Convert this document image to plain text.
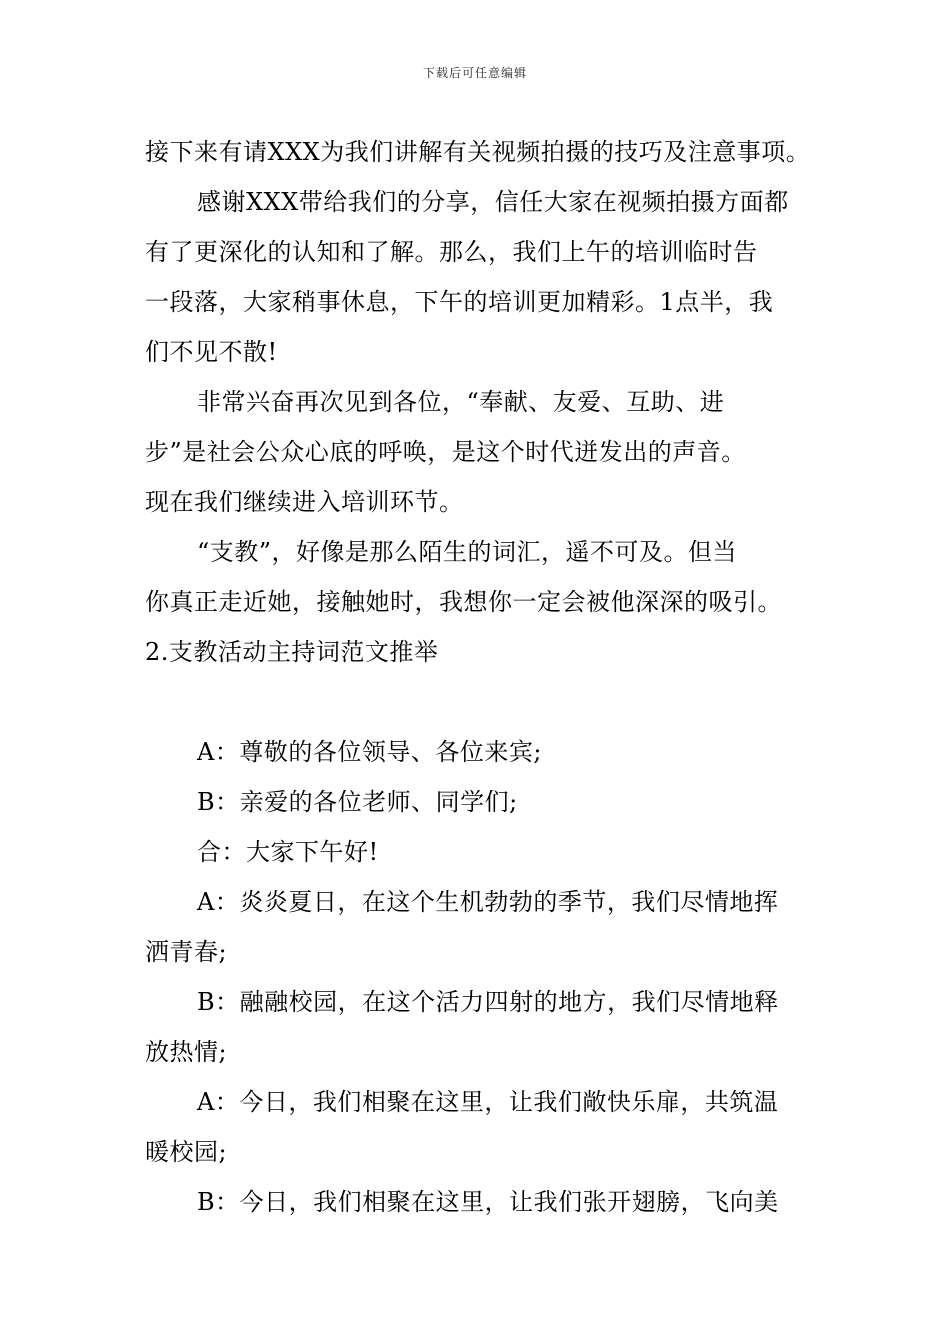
下载后可任意编辑
接下来有请XXX为我们讲解有关视频拍摄的技巧及注意事项。
感谢XXX带给我们的分享，信任大家在视频拍摄方面都
有了更深化的认知和了解。那么，我们上午的培训临时告
一段落，大家稍事休息，下午的培训更加精彩。1点半，我
们不见不散!
非常兴奋再次见到各位，“奉献、友爱、互助、进
步”是社会公众心底的呼唤，是这个时代迸发出的声音。
现在我们继续进入培训环节。
“支教”，好像是那么陌生的词汇，遥不可及。但当
你真正走近她，接触她时，我想你一定会被他深深的吸引。
2.支教活动主持词范文推举
A：尊敬的各位领导、各位来宾;
B：亲爱的各位老师、同学们;
合：大家下午好!
A：炎炎夏日，在这个生机勃勃的季节，我们尽情地挥
洒青春;
B：融融校园，在这个活力四射的地方，我们尽情地释
放热情;
A：今日，我们相聚在这里，让我们敞快乐扉，共筑温
暖校园;
B：今日，我们相聚在这里，让我们张开翅膀，飞向美
